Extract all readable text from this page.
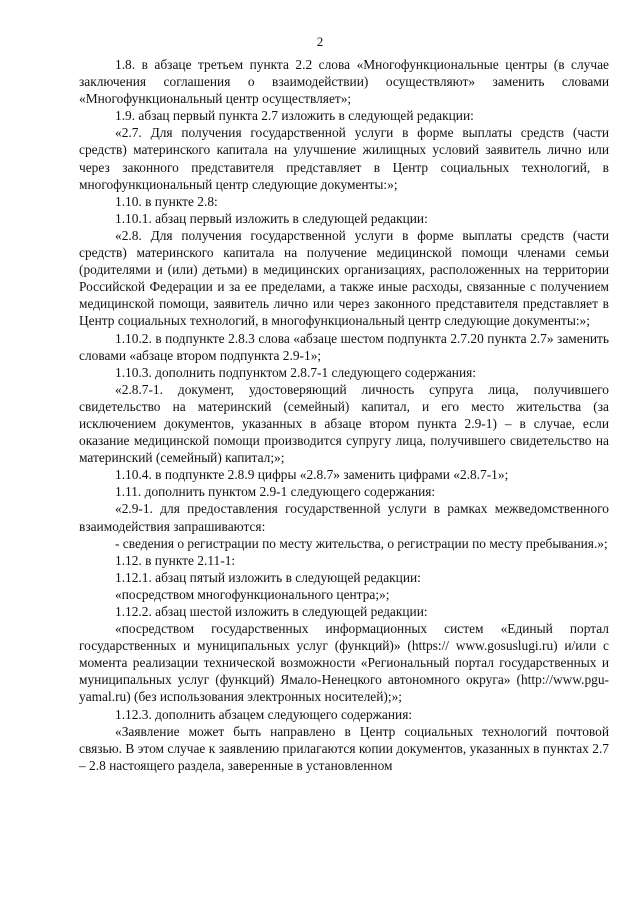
2

1.8. в абзаце третьем пункта 2.2 слова «Многофункциональные центры (в случае заключения соглашения о взаимодействии) осуществляют» заменить словами «Многофункциональный центр осуществляет»;

1.9. абзац первый пункта 2.7 изложить в следующей редакции:

«2.7. Для получения государственной услуги в форме выплаты средств (части средств) материнского капитала на улучшение жилищных условий заявитель лично или через законного представителя представляет в Центр социальных технологий, в многофункциональный центр следующие документы:»;

1.10. в пункте 2.8:

1.10.1. абзац первый изложить в следующей редакции:

«2.8. Для получения государственной услуги в форме выплаты средств (части средств) материнского капитала на получение медицинской помощи членами семьи (родителями и (или) детьми) в медицинских организациях, расположенных на территории Российской Федерации и за ее пределами, а также иные расходы, связанные с получением медицинской помощи, заявитель лично или через законного представителя представляет в Центр социальных технологий, в многофункциональный центр следующие документы:»;

1.10.2. в подпункте 2.8.3 слова «абзаце шестом подпункта 2.7.20 пункта 2.7» заменить словами «абзаце втором подпункта 2.9-1»;

1.10.3. дополнить подпунктом 2.8.7-1 следующего содержания:

«2.8.7-1. документ, удостоверяющий личность супруга лица, получившего свидетельство на материнский (семейный) капитал, и его место жительства (за исключением документов, указанных в абзаце втором пункта 2.9-1) – в случае, если оказание медицинской помощи производится супругу лица, получившего свидетельство на материнский (семейный) капитал;»;

1.10.4. в подпункте 2.8.9 цифры «2.8.7» заменить цифрами «2.8.7-1»;

1.11. дополнить пунктом 2.9-1 следующего содержания:

«2.9-1. для предоставления государственной услуги в рамках межведомственного взаимодействия запрашиваются:

- сведения о регистрации по месту жительства, о регистрации по месту пребывания.»;

1.12. в пункте 2.11-1:

1.12.1. абзац пятый изложить в следующей редакции:

«посредством многофункционального центра;»;

1.12.2. абзац шестой изложить в следующей редакции:

«посредством государственных информационных систем «Единый портал государственных и муниципальных услуг (функций)» (https:// www.gosuslugi.ru) и/или с момента реализации технической возможности «Региональный портал государственных и муниципальных услуг (функций) Ямало-Ненецкого автономного округа» (http://www.pgu-yamal.ru) (без использования электронных носителей);»;

1.12.3. дополнить абзацем следующего содержания:

«Заявление может быть направлено в Центр социальных технологий почтовой связью. В этом случае к заявлению прилагаются копии документов, указанных в пунктах 2.7 – 2.8 настоящего раздела, заверенные в установленном
